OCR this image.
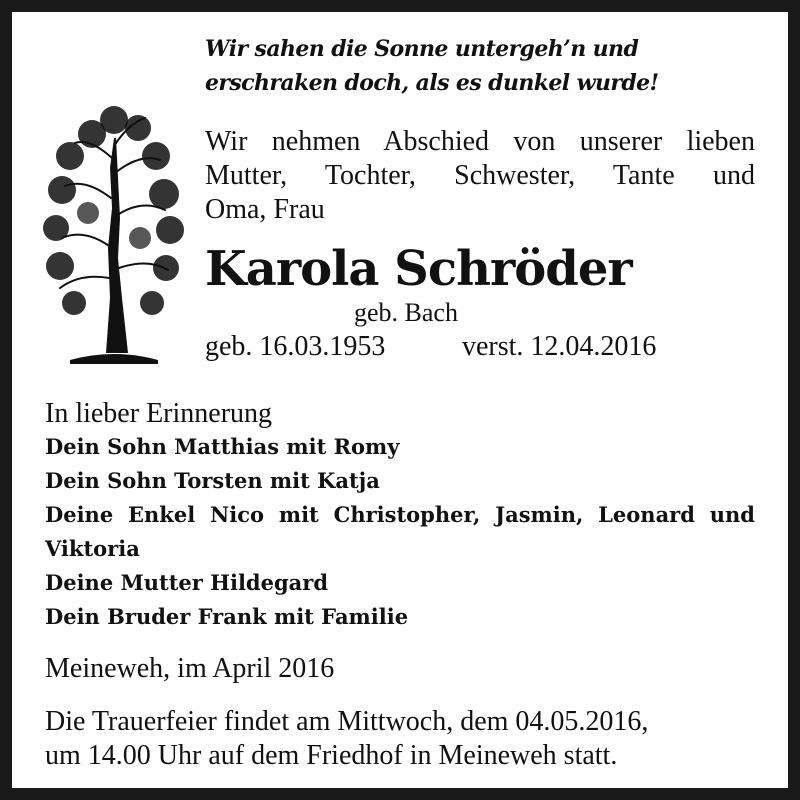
Wir sahen die Sonne untergeh’n und
erschraken doch, als es dunkel wurde!

Wir nehmen Abschied von unserer lieben
Mutter, Tochter, Schwester, Tante und
Oma, Frau

Karola Schröder

geb. Bach

geb. 16.03.1953	verst. 12.04.2016

In lieber Erinnerung

Dein Sohn Matthias mit Romy
Dein Sohn Torsten mit Katja
Deine Enkel Nico mit Christopher, Jasmin, Leonard und Viktoria
Deine Mutter Hildegard
Dein Bruder Frank mit Familie

Meineweh, im April 2016

Die Trauerfeier findet am Mittwoch, dem 04.05.2016,
um 14.00 Uhr auf dem Friedhof in Meineweh statt.
